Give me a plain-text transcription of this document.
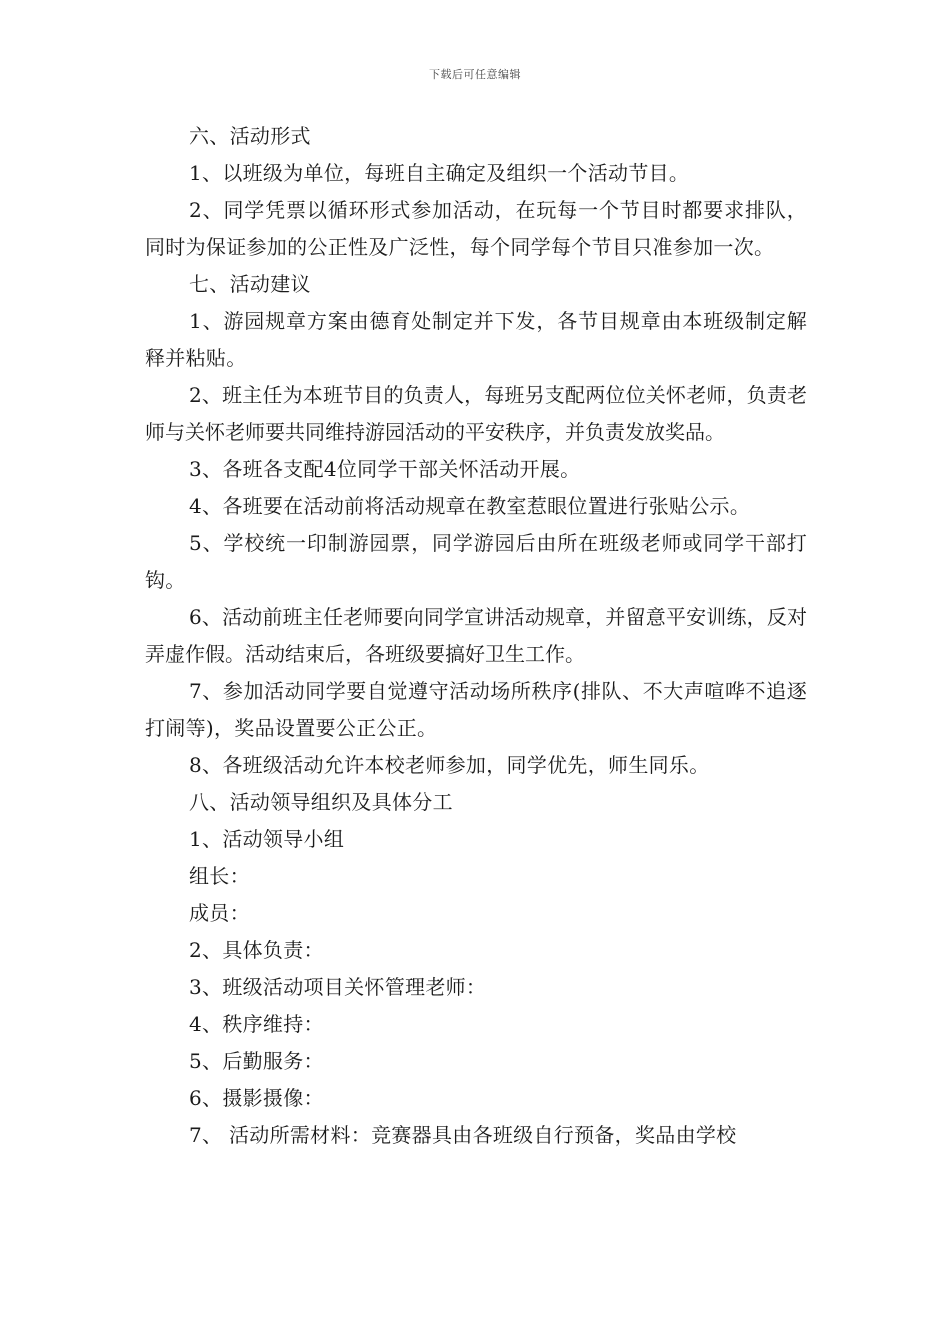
下载后可任意编辑

六、活动形式

1、以班级为单位，每班自主确定及组织一个活动节目。

2、同学凭票以循环形式参加活动，在玩每一个节目时都要求排队，同时为保证参加的公正性及广泛性，每个同学每个节目只准参加一次。

七、活动建议

1、游园规章方案由德育处制定并下发，各节目规章由本班级制定解释并粘贴。

2、班主任为本班节目的负责人，每班另支配两位位关怀老师，负责老师与关怀老师要共同维持游园活动的平安秩序，并负责发放奖品。

3、各班各支配4位同学干部关怀活动开展。

4、各班要在活动前将活动规章在教室惹眼位置进行张贴公示。

5、学校统一印制游园票，同学游园后由所在班级老师或同学干部打钩。

6、活动前班主任老师要向同学宣讲活动规章，并留意平安训练，反对弄虚作假。活动结束后，各班级要搞好卫生工作。

7、参加活动同学要自觉遵守活动场所秩序(排队、不大声喧哗不追逐打闹等)，奖品设置要公正公正。

8、各班级活动允许本校老师参加，同学优先，师生同乐。

八、活动领导组织及具体分工

1、活动领导小组

组长：

成员：

2、具体负责：

3、班级活动项目关怀管理老师：

4、秩序维持：

5、后勤服务：

6、摄影摄像：

7、 活动所需材料：竞赛器具由各班级自行预备，奖品由学校
